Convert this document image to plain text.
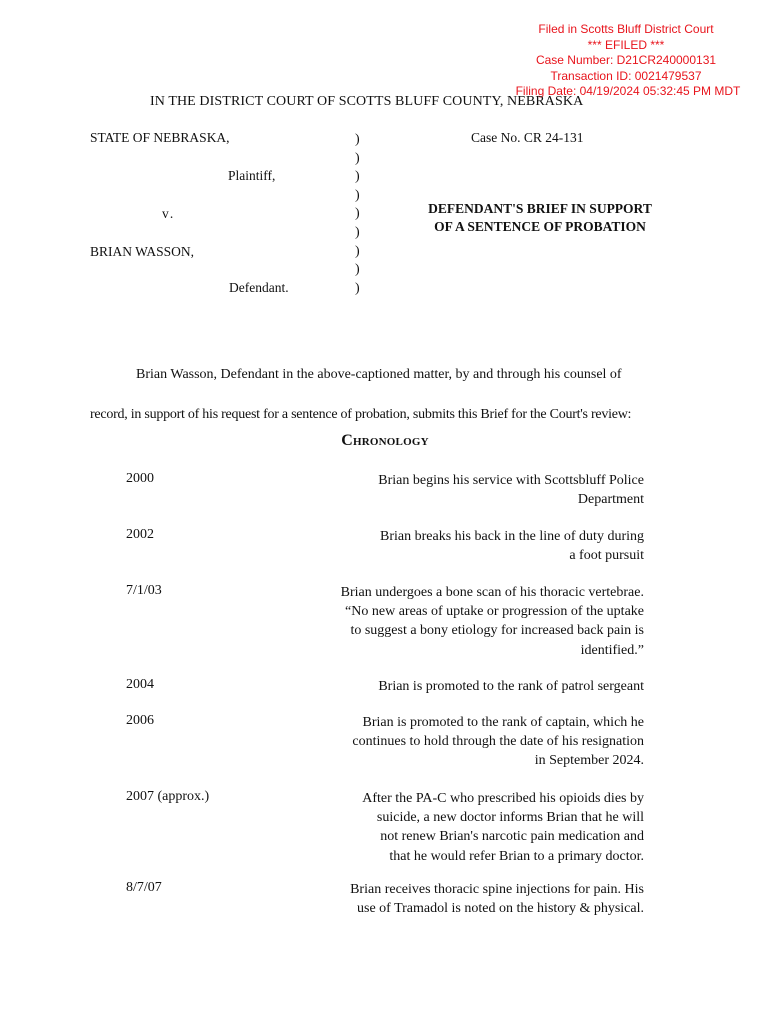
Filed in Scotts Bluff District Court
*** EFILED ***
Case Number: D21CR240000131
Transaction ID: 0021479537
Filing Date: 04/19/2024 05:32:45 PM MDT
IN THE DISTRICT COURT OF SCOTTS BLUFF COUNTY, NEBRASKA
STATE OF NEBRASKA,
Plaintiff,
v.
BRIAN WASSON,
Defendant.
)
)
)
)
)
)
)
)
)
Case No. CR 24-131
DEFENDANT'S BRIEF IN SUPPORT
OF A SENTENCE OF PROBATION

Brian Wasson, Defendant in the above-captioned matter, by and through his counsel of

record, in support of his request for a sentence of probation, submits this Brief for the Court's review:

Chronology
2000	Brian begins his service with Scottsbluff Police
Department
2002	Brian breaks his back in the line of duty during
a foot pursuit
7/1/03	Brian undergoes a bone scan of his thoracic vertebrae.
“No new areas of uptake or progression of the uptake
to suggest a bony etiology for increased back pain is
identified.”
2004	Brian is promoted to the rank of patrol sergeant
2006	Brian is promoted to the rank of captain, which he
continues to hold through the date of his resignation
in September 2024.
2007 (approx.)	After the PA-C who prescribed his opioids dies by
suicide, a new doctor informs Brian that he will
not renew Brian's narcotic pain medication and
that he would refer Brian to a primary doctor.
8/7/07	Brian receives thoracic spine injections for pain. His
use of Tramadol is noted on the history & physical.
